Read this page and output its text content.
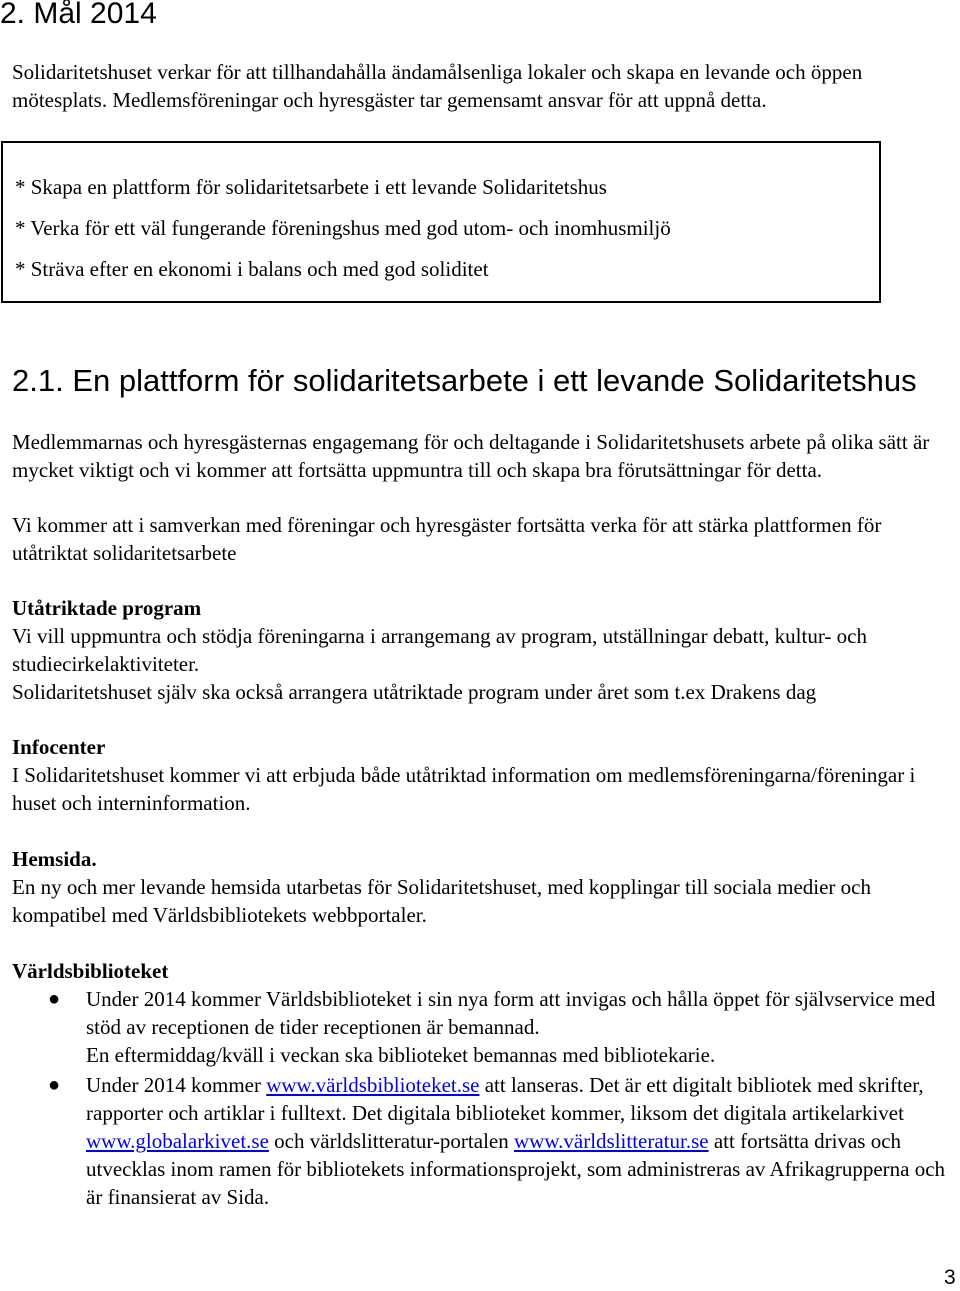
2. Mål 2014

Solidaritetshuset verkar för att tillhandahålla ändamålsenliga lokaler och skapa en levande och öppen mötesplats. Medlemsföreningar och hyresgäster tar gemensamt ansvar för att uppnå detta.

* Skapa en plattform för solidaritetsarbete i ett levande Solidaritetshus
* Verka för ett väl fungerande föreningshus med god utom- och inomhusmiljö
* Sträva efter en ekonomi i balans och med god soliditet
2.1. En plattform för solidaritetsarbete i ett levande Solidaritetshus

Medlemmarnas och hyresgästernas engagemang för och deltagande i Solidaritetshusets arbete på olika sätt är mycket viktigt och vi kommer att fortsätta uppmuntra till och skapa bra förutsättningar för detta.

Vi kommer att i samverkan med föreningar och hyresgäster fortsätta verka för att stärka plattformen för utåtriktat solidaritetsarbete

Utåtriktade program
Vi vill uppmuntra och stödja föreningarna i arrangemang av program, utställningar debatt, kultur- och studiecirkelaktiviteter.
Solidaritetshuset själv ska också arrangera utåtriktade program under året som t.ex Drakens dag
Infocenter
I Solidaritetshuset kommer vi att erbjuda både utåtriktad information om medlemsföreningarna/föreningar i huset och interninformation.
Hemsida.
En ny och mer levande hemsida utarbetas för Solidaritetshuset, med kopplingar till sociala medier och kompatibel med Världsbibliotekets webbportaler.
Världsbiblioteket
● Under 2014 kommer Världsbiblioteket i sin nya form att invigas och hålla öppet för självservice med stöd av receptionen de tider receptionen är bemannad.
En eftermiddag/kväll i veckan ska biblioteket bemannas med bibliotekarie.
● Under 2014 kommer www.världsbiblioteket.se att lanseras. Det är ett digitalt bibliotek med skrifter, rapporter och artiklar i fulltext. Det digitala biblioteket kommer, liksom det digitala artikelarkivet www.globalarkivet.se och världslitteratur-portalen www.världslitteratur.se att fortsätta drivas och utvecklas inom ramen för bibliotekets informationsprojekt, som administreras av Afrikagrupperna och är finansierat av Sida.
3
